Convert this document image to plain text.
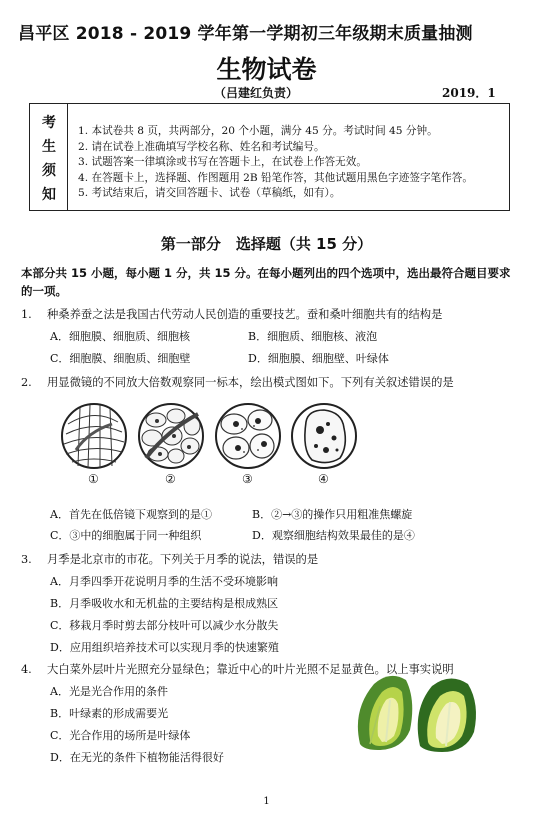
昌平区 2018 - 2019 学年第一学期初三年级期末质量抽测
生物试卷
（吕建红负责）	2019．1
考
生
须
知
1. 本试卷共 8 页，共两部分，20 个小题，满分 45 分。考试时间 45 分钟。
2. 请在试卷上准确填写学校名称、姓名和考试编号。
3. 试题答案一律填涂或书写在答题卡上，在试卷上作答无效。
4. 在答题卡上，选择题、作图题用 2B 铅笔作答，其他试题用黑色字迹签字笔作答。
5. 考试结束后，请交回答题卡、试卷（草稿纸，如有）。
第一部分　选择题（共 15 分）
本部分共 15 小题，每小题 1 分，共 15 分。在每小题列出的四个选项中，选出最符合题目要求的一项。
1. 种桑养蚕之法是我国古代劳动人民创造的重要技艺。蚕和桑叶细胞共有的结构是
A．细胞膜、细胞质、细胞核	B．细胞质、细胞核、液泡
C．细胞膜、细胞质、细胞壁	D．细胞膜、细胞壁、叶绿体
2. 用显微镜的不同放大倍数观察同一标本，绘出模式图如下。下列有关叙述错误的是
①	②	③	④
A．首先在低倍镜下观察到的是①	B．②→③的操作只用粗准焦螺旋
C．③中的细胞属于同一种组织	D．观察细胞结构效果最佳的是④
3. 月季是北京市的市花。下列关于月季的说法，错误的是
A．月季四季开花说明月季的生活不受环境影响
B．月季吸收水和无机盐的主要结构是根成熟区
C．移栽月季时剪去部分枝叶可以减少水分散失
D．应用组织培养技术可以实现月季的快速繁殖
4. 大白菜外层叶片光照充分显绿色；靠近中心的叶片光照不足显黄色。以上事实说明
A．光是光合作用的条件
B．叶绿素的形成需要光
C．光合作用的场所是叶绿体
D．在无光的条件下植物能活得很好
1
